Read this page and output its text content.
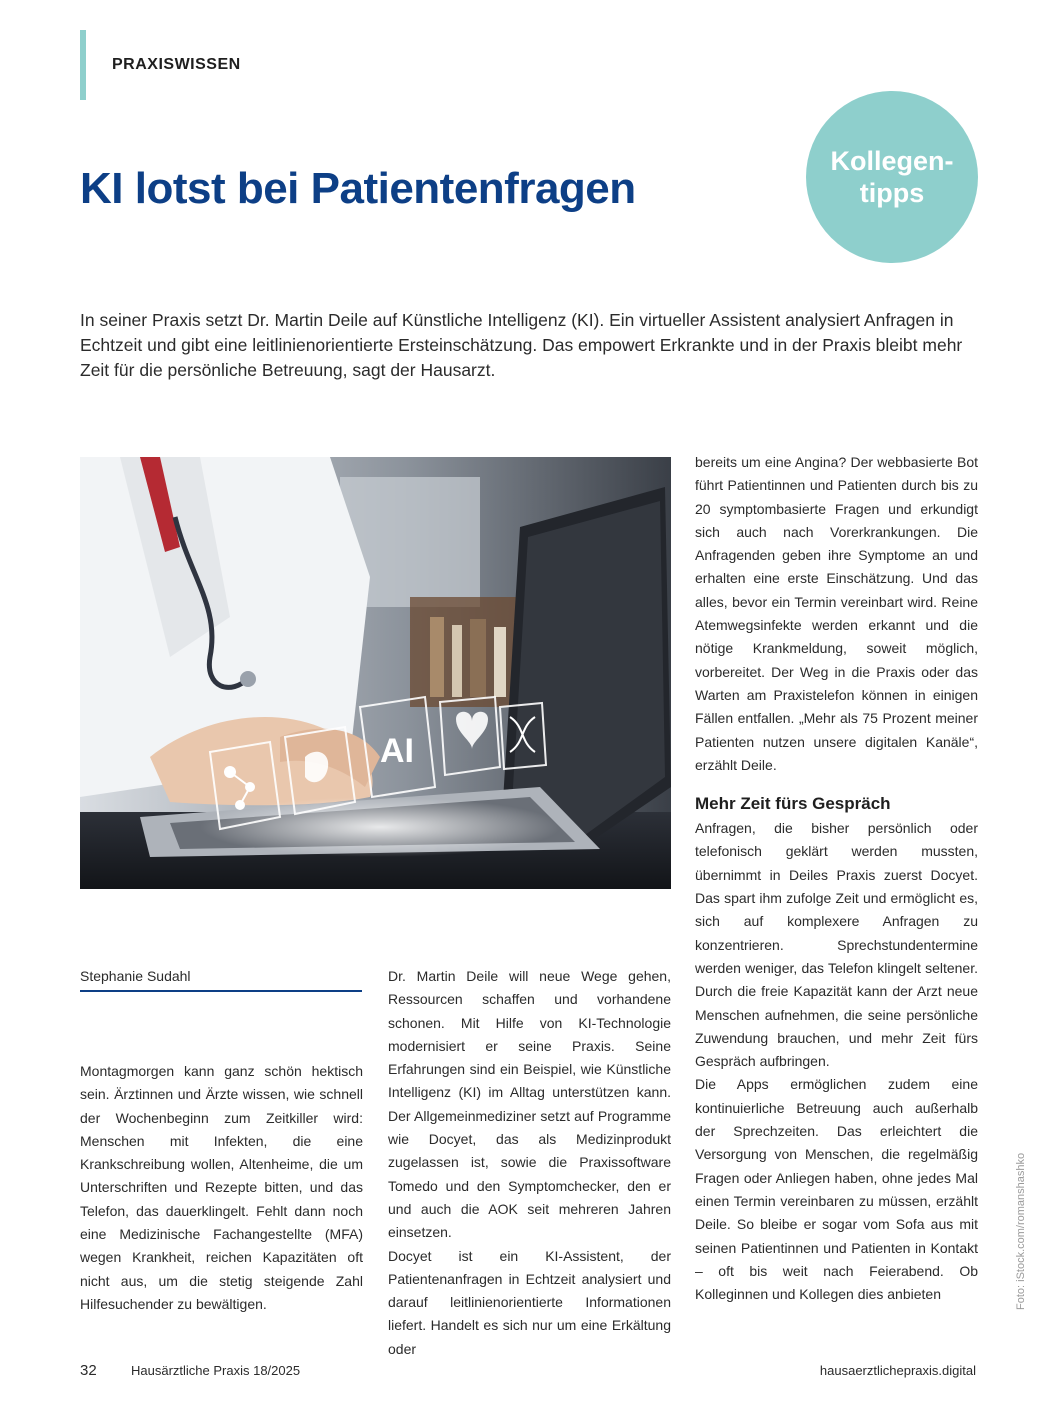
PRAXISWISSEN
KI lotst bei Patientenfragen
Kollegen-
tipps

In seiner Praxis setzt Dr. Martin Deile auf Künstliche Intelligenz (KI). Ein virtueller Assistent analysiert Anfragen in Echtzeit und gibt eine leitlinienorientierte Ersteinschätzung. Das empowert Erkrankte und in der Praxis bleibt mehr Zeit für die persönliche Betreuung, sagt der Hausarzt.

AI
Stephanie Sudahl

Montagmorgen kann ganz schön hektisch sein. Ärztinnen und Ärzte wissen, wie schnell der Wochenbeginn zum Zeitkiller wird: Menschen mit Infekten, die eine Krankschreibung wollen, Altenheime, die um Unterschriften und Rezepte bitten, und das Telefon, das dauerklingelt. Fehlt dann noch eine Medizinische Fachangestellte (MFA) wegen Krankheit, reichen Kapazitäten oft nicht aus, um die stetig steigende Zahl Hilfesuchender zu bewältigen.

Dr. Martin Deile will neue Wege gehen, Ressourcen schaffen und vorhandene schonen. Mit Hilfe von KI-Technologie modernisiert er seine Praxis. Seine Erfahrungen sind ein Beispiel, wie Künstliche Intelligenz (KI) im Alltag unterstützen kann. Der Allgemeinmediziner setzt auf Programme wie Docyet, das als Medizinprodukt zugelassen ist, sowie die Praxissoftware Tomedo und den Symptomchecker, den er und auch die AOK seit mehreren Jahren einsetzen.

Docyet ist ein KI-Assistent, der Patientenanfragen in Echtzeit analysiert und darauf leitlinienorientierte Informationen liefert. Handelt es sich nur um eine Erkältung oder

bereits um eine Angina? Der webbasierte Bot führt Patientinnen und Patienten durch bis zu 20 symptombasierte Fragen und erkundigt sich auch nach Vorerkrankungen. Die Anfragenden geben ihre Symptome an und erhalten eine erste Einschätzung. Und das alles, bevor ein Termin vereinbart wird. Reine Atemwegsinfekte werden erkannt und die nötige Krankmeldung, soweit möglich, vorbereitet. Der Weg in die Praxis oder das Warten am Praxistelefon können in einigen Fällen entfallen. „Mehr als 75 Prozent meiner Patienten nutzen unsere digitalen Kanäle“, erzählt Deile.

Mehr Zeit fürs Gespräch

Anfragen, die bisher persönlich oder telefonisch geklärt werden mussten, übernimmt in Deiles Praxis zuerst Docyet. Das spart ihm zufolge Zeit und ermöglicht es, sich auf komplexere Anfragen zu konzentrieren. Sprechstundentermine werden weniger, das Telefon klingelt seltener. Durch die freie Kapazität kann der Arzt neue Menschen aufnehmen, die seine persönliche Zuwendung brauchen, und mehr Zeit fürs Gespräch aufbringen.

Die Apps ermöglichen zudem eine kontinuierliche Betreuung auch außerhalb der Sprechzeiten. Das erleichtert die Versorgung von Menschen, die regelmäßig Fragen oder Anliegen haben, ohne jedes Mal einen Termin vereinbaren zu müssen, erzählt Deile. So bleibe er sogar vom Sofa aus mit seinen Patientinnen und Patienten in Kontakt – oft bis weit nach Feierabend. Ob Kolleginnen und Kollegen dies anbieten

32	Hausärztliche Praxis 18/2025	hausaerztlichepraxis.digital
Foto: iStock.com/romanshashko
